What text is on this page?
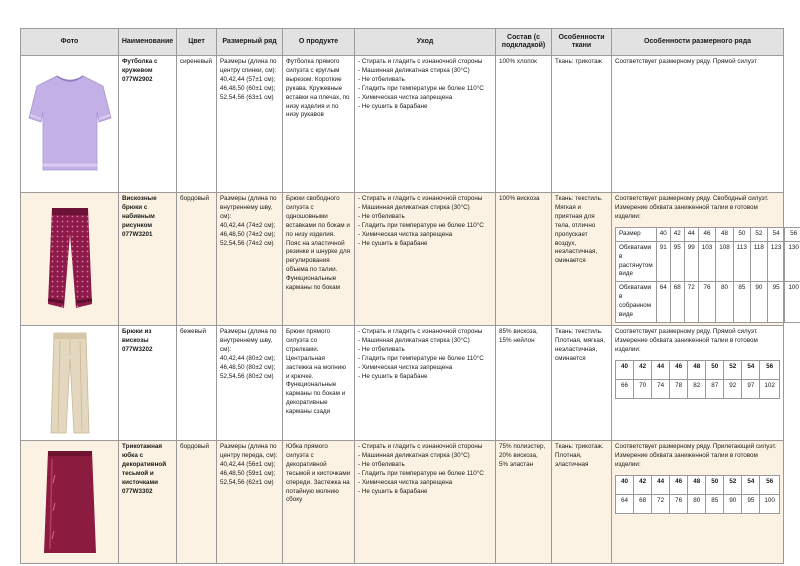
Фото	Наименование	Цвет	Размерный ряд	О продукте	Уход	Состав (с подкладкой)	Особенности ткани	Особенности размерного ряда

	Футболка с кружевом 077W2902	сиреневый	Размеры (длина по центру спинки, см):
40,42,44 (57±1 см);
46,48,50 (60±1 см);
52,54,56 (63±1 см)
	Футболка прямого силуэта с круглым вырезом. Короткие рукава. Кружевные вставки на плечах, по низу изделия и по низу рукавов	
- Стирать и гладить с изнаночной стороны
- Машинная деликатная стирка (30°С)
- Не отбеливать
- Гладить при температуре не более 110°С
- Химическая чистка запрещена
- Не сушить в барабане
	100% хлопок	Ткань: трикотаж	Соответствует размерному ряду. Прямой силуэт

	Вискозные брюки с набивным рисунком 077W3201	бордовый	Размеры (длина по внутреннему шву, см):
40,42,44 (74±2 см);
46,48,50 (74±2 см);
52,54,56 (74±2 см)
	Брюки свободного силуэта с одношовными вставками по бокам и по низу изделия. Пояс на эластичной резинке и шнурке для регулирования объема по талии. Функциональные карманы по бокам	
- Стирать и гладить с изнаночной стороны
- Машинная деликатная стирка (30°С)
- Не отбеливать
- Гладить при температуре не более 110°С
- Химическая чистка запрещена
- Не сушить в барабане
	100% вискоза	Ткань: текстиль. Мягкая и приятная для тела, отлично пропускает воздух, неэластичная, сминается	

Соответствует размерному ряду. Свободный силуэт. Измерение обхвата заниженной талии в готовом изделии:

Размер	40	42	44	46	48	50	52	54	56
Обхватами в растянутом виде	91	95	99	103	108	113	118	123	130
Обхватами в собранном виде	64	68	72	76	80	85	90	95	100

	Брюки из вискозы 077W3202	бежевый	Размеры (длина по внутреннему шву, см):
40,42,44 (80±2 см);
46,48,50 (80±2 см);
52,54,56 (80±2 см)
	Брюки прямого силуэта со стрелками. Центральная застежка на молнию и крючке. Функциональные карманы по бокам и декоративные карманы сзади	
- Стирать и гладить с изнаночной стороны
- Машинная деликатная стирка (30°С)
- Не отбеливать
- Гладить при температуре не более 110°С
- Химическая чистка запрещена
- Не сушить в барабане
	85% вискоза, 15% нейлон	Ткань: текстиль. Плотная, мягкая, неэластичная, сминается	

Соответствует размерному ряду. Прямой силуэт. Измерение обхвата заниженной талии в готовом изделии:

40	42	44	46	48	50	52	54	56
66	70	74	78	82	87	92	97	102

	Трикотажная юбка с декоративной тесьмой и кисточками 077W3302	бордовый	Размеры (длина по центру переда, см):
40,42,44 (56±1 см);
46,48,50 (59±1 см);
52,54,56 (62±1 см)
	Юбка прямого силуэта с декоративной тесьмой и кисточками спереди. Застежка на потайную молнию сбоку	
- Стирать и гладить с изнаночной стороны
- Машинная деликатная стирка (30°С)
- Не отбеливать
- Гладить при температуре не более 110°С
- Химическая чистка запрещена
- Не сушить в барабане
	75% полиэстер, 20% вискоза, 5% эластан	Ткань: трикотаж. Плотная, эластичная	

Соответствует размерному ряду. Прилегающий силуэт. Измерение обхвата заниженной талии в готовом изделии:

40	42	44	46	48	50	52	54	56
64	68	72	76	80	85	90	95	100
